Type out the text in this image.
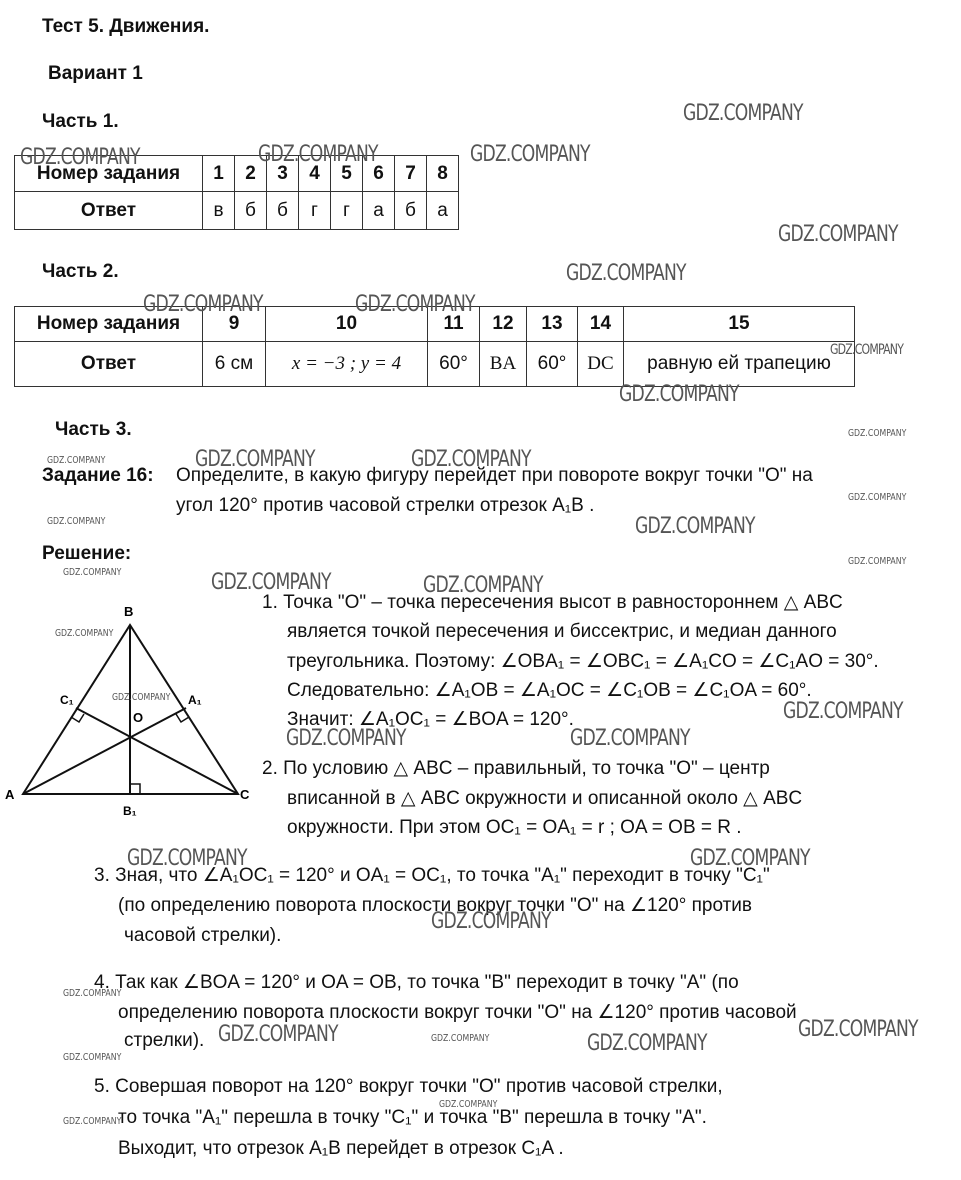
Тест 5. Движения.
Вариант 1
Часть 1.
Номер задания	1	2	3	4	5	6	7	8
Ответ	в	б	б	г	г	а	б	а
Часть 2.
Номер задания	9	10	11	12	13	14	15
Ответ	6 см	x = −3 ; y = 4	60°	BA	60°	DC	равную ей трапецию
Часть 3.
Задание 16: Определите, в какую фигуру перейдет при повороте вокруг точки "O" на
угол 120° против часовой стрелки отрезок A₁B .
Решение:
B
A	C
O
A₁
C₁
B₁
1. Точка "O" – точка пересечения высот в равностороннем △ ABC
является точкой пересечения и биссектрис, и медиан данного
треугольника. Поэтому: ∠OBA₁ = ∠OBC₁ = ∠A₁CO = ∠C₁AO = 30°.
Следовательно: ∠A₁OB = ∠A₁OC = ∠C₁OB = ∠C₁OA = 60°.
Значит: ∠A₁OC₁ = ∠BOA = 120°.
2. По условию △ ABC – правильный, то точка "O" – центр
вписанной в △ ABC окружности и описанной около △ ABC
окружности. При этом OC₁ = OA₁ = r ; OA = OB = R .
3. Зная, что ∠A₁OC₁ = 120° и OA₁ = OC₁, то точка "A₁" переходит в точку "C₁"
(по определению поворота плоскости вокруг точки "O" на ∠120° против
часовой стрелки).
4. Так как ∠BOA = 120° и OA = OB, то точка "B" переходит в точку "A" (по
определению поворота плоскости вокруг точки "O" на ∠120° против часовой
стрелки).
5. Совершая поворот на 120° вокруг точки "O" против часовой стрелки,
то точка "A₁" перешла в точку "C₁" и точка "B" перешла в точку "A".
Выходит, что отрезок A₁B перейдет в отрезок C₁A .
GDZ.COMPANY
GDZ.COMPANY	GDZ.COMPANY	GDZ.COMPANY
GDZ.COMPANY
GDZ.COMPANY
GDZ.COMPANY	GDZ.COMPANY
GDZ.COMPANY
GDZ.COMPANY
GDZ.COMPANY
GDZ.COMPANY	GDZ.COMPANY
GDZ.COMPANY
GDZ.COMPANY
GDZ.COMPANY	GDZ.COMPANY
GDZ.COMPANY
GDZ.COMPANY	GDZ.COMPANY	GDZ.COMPANY
GDZ.COMPANY
GDZ.COMPANY
GDZ.COMPANY
GDZ.COMPANY	GDZ.COMPANY
GDZ.COMPANY	GDZ.COMPANY
GDZ.COMPANY
GDZ.COMPANY
GDZ.COMPANY
GDZ.COMPANY	GDZ.COMPANY	GDZ.COMPANY
GDZ.COMPANY
GDZ.COMPANY
GDZ.COMPANY
